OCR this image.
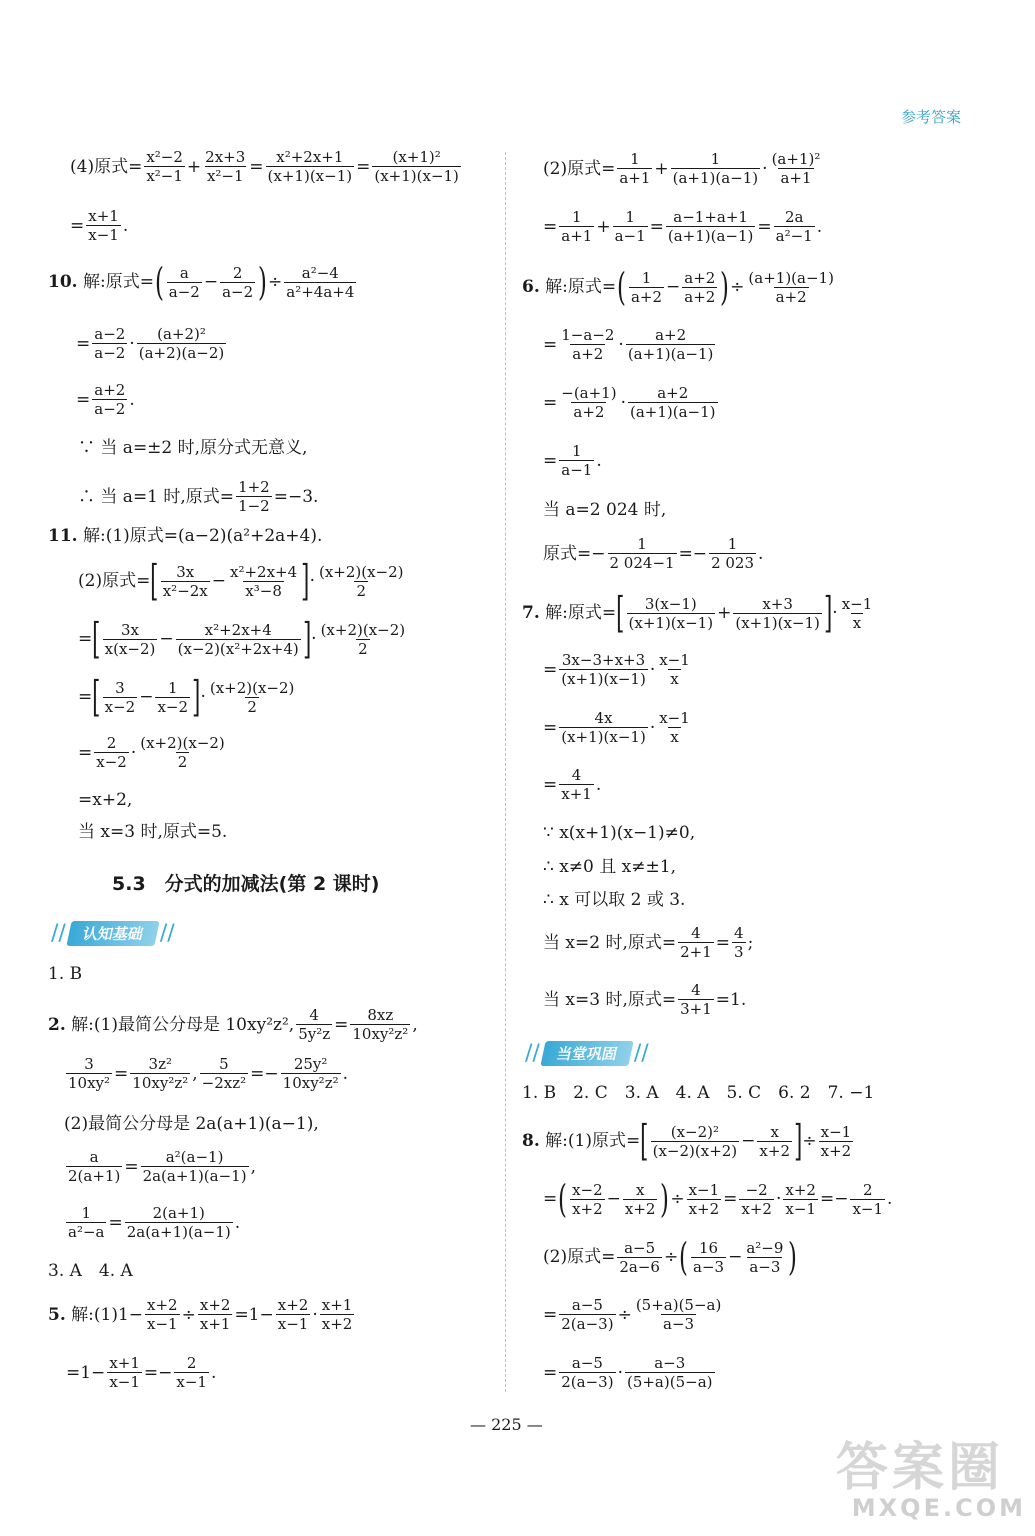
参考答案
(4)原式= $\frac{\text{x²−2}}{\text{x²−1}} + \frac{2x+3}{\text{x²−1}} = \frac{\text{x²+2x+1}}{(x+1)(x-1)} = \frac{\text{(x+1)²}}{(x+1)(x-1)}$
= $\frac{x+1}{x-1}$ .
10.
解:原式= ( $\frac{a}{a-2} - \frac{2}{a-2}$ ) ÷ $\frac{\text{a²−4}}{\text{a²+4a+4}}$
= $\frac{a-2}{a-2} \cdot \frac{\text{(a+2)²}}{(a+2)(a-2)}$
= $\frac{a+2}{a-2}$ .
∵ 当 a=±2 时,原分式无意义,
∴ 当 a=1 时,原式= $\frac{1+2}{1-2} =-3$.
11.
解:(1)原式=(a−2)(a²+2a+4).
(2)原式= [ $\frac{3x}{\text{x²−2x}} - \frac{\text{x²+2x+4}}{\text{x³−8}}$ ] · $\frac{(x+2)(x-2)}{2}$
= [ $\frac{3x}{x(x-2)} - \frac{\text{x²+2x+4}}{\text{(x−2)(x²+2x+4)}}$ ] · $\frac{(x+2)(x-2)}{2}$
= [ $\frac{3}{x-2} - \frac{1}{x-2}$ ] · $\frac{(x+2)(x-2)}{2}$
= $\frac{2}{x-2} \cdot \frac{(x+2)(x-2)}{2}$
=x+2,
当 x=3 时,原式=5.
5.3　分式的加减法(第 2 课时)
// 认知基础 //
1. B
2.
解:(1)最简公分母是 10xy²z², $\frac{4}{\text{5y²z}} = \frac{8xz}{\text{10xy²z²}}$ ,
$\frac{3}{\text{10xy²}} = \frac{\text{3z²}}{\text{10xy²z²}}$ , $\frac{5}{\text{−2xz²}} =- \frac{\text{25y²}}{\text{10xy²z²}}$ .
(2)最简公分母是 2a(a+1)(a−1),
$\frac{a}{2(a+1)} = \frac{\text{a²(a−1)}}{2a(a+1)(a-1)}$ ,
$\frac{1}{\text{a²−a}} = \frac{2(a+1)}{2a(a+1)(a-1)}$ .
3. A　4. A
5.
解:(1)1− $\frac{x+2}{x-1} \div \frac{x+2}{x+1} =1- \frac{x+2}{x-1} \cdot \frac{x+1}{x+2}$
$=1- \frac{x+1}{x-1} =- \frac{2}{x-1}$ .
(2)原式= $\frac{1}{a+1} + \frac{1}{(a+1)(a-1)} \cdot \frac{\text{(a+1)²}}{a+1}$
= $\frac{1}{a+1} + \frac{1}{a-1} = \frac{a-1+a+1}{(a+1)(a-1)} = \frac{2a}{\text{a²−1}}$ .
6.
解:原式= ( $\frac{1}{a+2} - \frac{a+2}{a+2}$ ) ÷ $\frac{(a+1)(a-1)}{a+2}$
= $\frac{1-a-2}{a+2} \cdot \frac{a+2}{(a+1)(a-1)}$
= $\frac{-(a+1)}{a+2} \cdot \frac{a+2}{(a+1)(a-1)}$
= $\frac{1}{a-1}$ .
当 a=2 024 时,
原式= − $\frac{1}{2 024-1} =- \frac{1}{2 023}$ .
7.
解:原式= [ $\frac{3(x-1)}{(x+1)(x-1)} + \frac{x+3}{(x+1)(x-1)}$ ] · $\frac{x-1}{x}$
= $\frac{3x-3+x+3}{(x+1)(x-1)} \cdot \frac{x-1}{x}$
= $\frac{4x}{(x+1)(x-1)} \cdot \frac{x-1}{x}$
= $\frac{4}{x+1}$ .
∵ x(x+1)(x−1)≠0,
∴ x≠0 且 x≠±1,
∴ x 可以取 2 或 3.
当 x=2 时,原式= $\frac{4}{2+1} = \frac{4}{3}$ ;
当 x=3 时,原式= $\frac{4}{3+1} =1$.
// 当堂巩固 //
1. B　2. C　3. A　4. A　5. C　6. 2　7. −1
8.
解:(1)原式= [ $\frac{\text{(x−2)²}}{(x-2)(x+2)} - \frac{x}{x+2}$ ] ÷ $\frac{x-1}{x+2}$
= ( $\frac{x-2}{x+2} - \frac{x}{x+2}$ ) ÷ $\frac{x-1}{x+2} = \frac{-2}{x+2} \cdot \frac{x+2}{x-1} =- \frac{2}{x-1}$ .
(2)原式= $\frac{a-5}{2a-6}$ ÷ ( $\frac{16}{a-3} - \frac{\text{a²−9}}{a-3}$ )
= $\frac{a-5}{2(a-3)} \div \frac{(5+a)(5-a)}{a-3}$
= $\frac{a-5}{2(a-3)} \cdot \frac{a-3}{(5+a)(5-a)}$
— 225 —
答案圈
MXQE.COM
